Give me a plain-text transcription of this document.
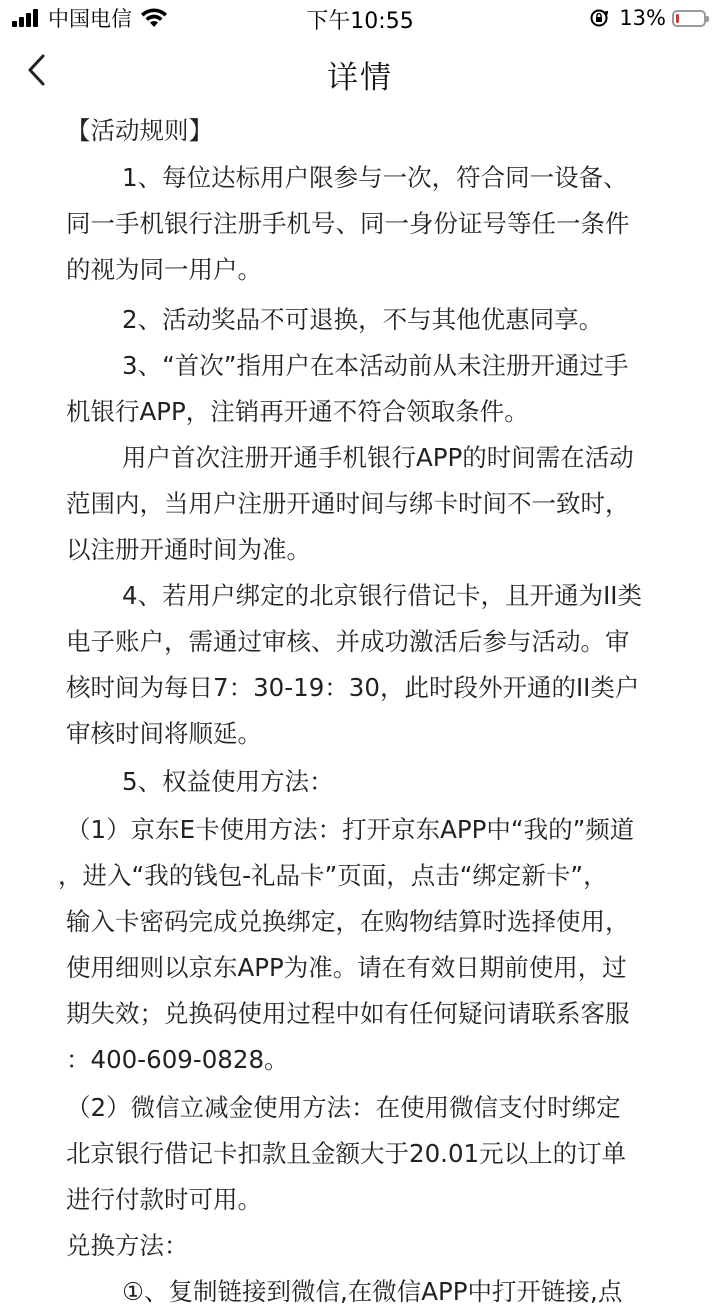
中国电信	下午10:55	13%
详情
【活动规则】
1、每位达标用户限参与一次，符合同一设备、
同一手机银行注册手机号、同一身份证号等任一条件
的视为同一用户。
2、活动奖品不可退换，不与其他优惠同享。
3、“首次”指用户在本活动前从未注册开通过手
机银行APP，注销再开通不符合领取条件。
用户首次注册开通手机银行APP的时间需在活动
范围内，当用户注册开通时间与绑卡时间不一致时，
以注册开通时间为准。
4、若用户绑定的北京银行借记卡，且开通为II类
电子账户，需通过审核、并成功激活后参与活动。审
核时间为每日7：30-19：30，此时段外开通的II类户
审核时间将顺延。
5、权益使用方法：
（1）京东E卡使用方法：打开京东APP中“我的”频道
，进入“我的钱包-礼品卡”页面，点击“绑定新卡”，
输入卡密码完成兑换绑定，在购物结算时选择使用，
使用细则以京东APP为准。请在有效日期前使用，过
期失效；兑换码使用过程中如有任何疑问请联系客服
：400-609-0828。
（2）微信立减金使用方法：在使用微信支付时绑定
北京银行借记卡扣款且金额大于20.01元以上的订单
进行付款时可用。
兑换方法：
①、复制链接到微信,在微信APP中打开链接,点
